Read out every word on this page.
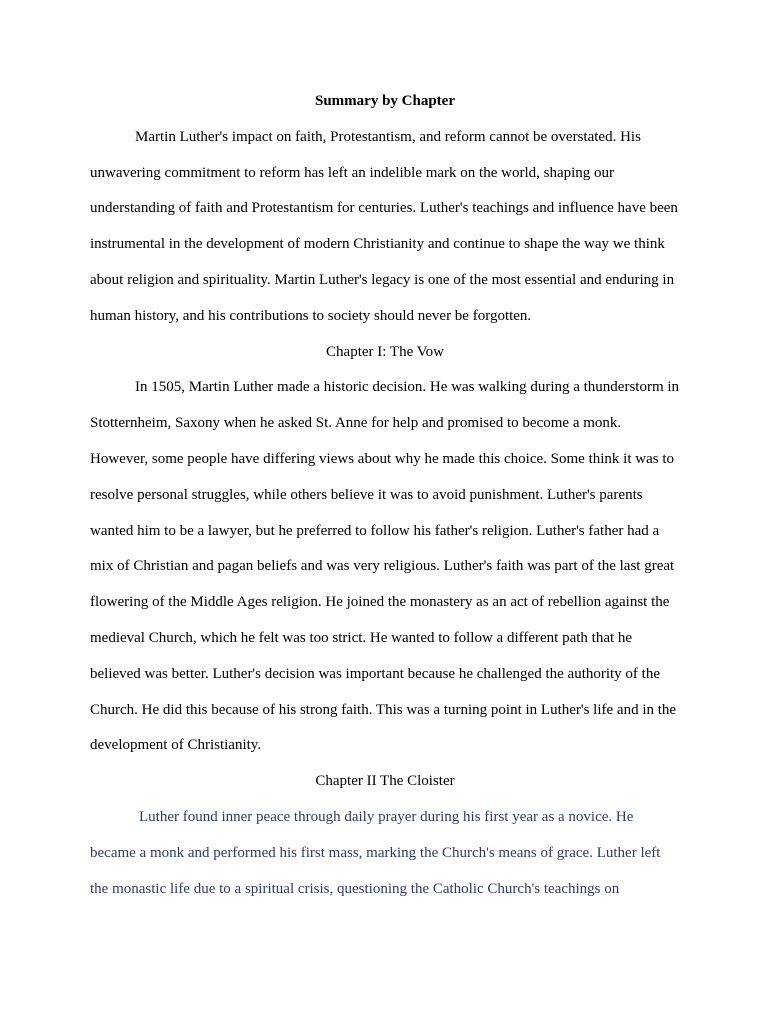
Summary by Chapter

Martin Luther's impact on faith, Protestantism, and reform cannot be overstated. His unwavering commitment to reform has left an indelible mark on the world, shaping our understanding of faith and Protestantism for centuries. Luther's teachings and influence have been instrumental in the development of modern Christianity and continue to shape the way we think about religion and spirituality. Martin Luther's legacy is one of the most essential and enduring in human history, and his contributions to society should never be forgotten.

Chapter I: The Vow

In 1505, Martin Luther made a historic decision. He was walking during a thunderstorm in Stotternheim, Saxony when he asked St. Anne for help and promised to become a monk. However, some people have differing views about why he made this choice. Some think it was to resolve personal struggles, while others believe it was to avoid punishment. Luther's parents wanted him to be a lawyer, but he preferred to follow his father's religion. Luther's father had a mix of Christian and pagan beliefs and was very religious. Luther's faith was part of the last great flowering of the Middle Ages religion. He joined the monastery as an act of rebellion against the medieval Church, which he felt was too strict. He wanted to follow a different path that he believed was better. Luther's decision was important because he challenged the authority of the Church. He did this because of his strong faith. This was a turning point in Luther's life and in the development of Christianity.

Chapter II The Cloister

Luther found inner peace through daily prayer during his first year as a novice. He became a monk and performed his first mass, marking the Church's means of grace. Luther left the monastic life due to a spiritual crisis, questioning the Catholic Church's teachings on
